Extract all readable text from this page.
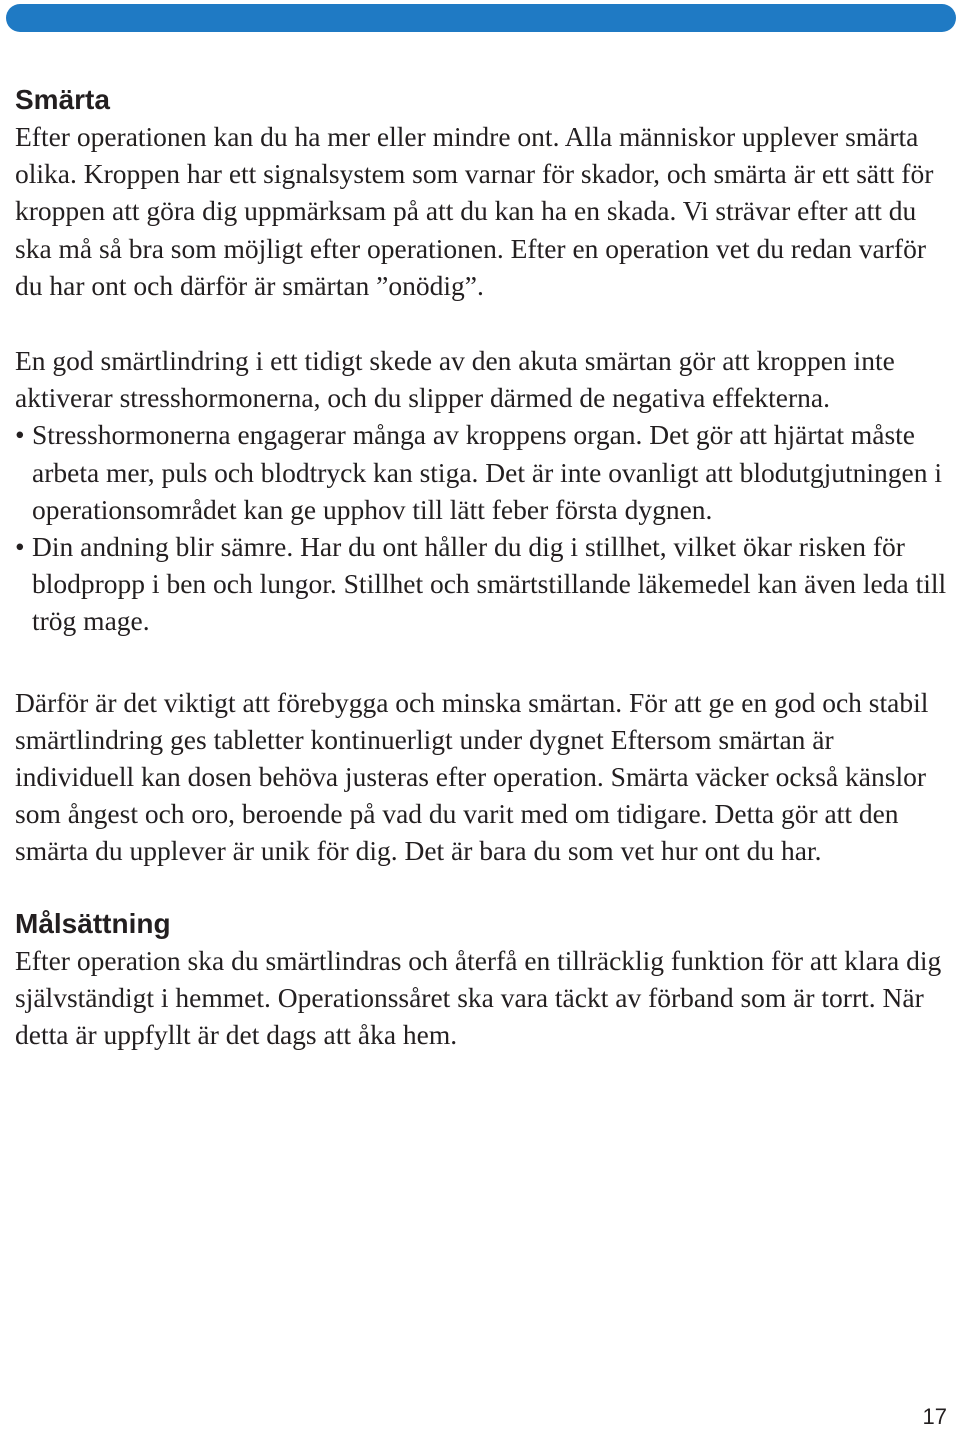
Smärta

Efter operationen kan du ha mer eller mindre ont. Alla människor upplever smärta olika. Kroppen har ett signalsystem som varnar för skador, och smärta är ett sätt för kroppen att göra dig uppmärksam på att du kan ha en skada. Vi strävar efter att du ska må så bra som möjligt efter operationen. Efter en operation vet du redan varför du har ont och därför är smärtan ”onödig”.

En god smärtlindring i ett tidigt skede av den akuta smärtan gör att kroppen inte aktiverar stresshormonerna, och du slipper därmed de negativa effekterna.

• Stresshormonerna engagerar många av kroppens organ. Det gör att hjärtat måste arbeta mer, puls och blodtryck kan stiga. Det är inte ovanligt att blodutgjutningen i operationsområdet kan ge upphov till lätt feber första dygnen.
• Din andning blir sämre. Har du ont håller du dig i stillhet, vilket ökar risken för blodpropp i ben och lungor. Stillhet och smärtstillande läkemedel kan även leda till trög mage.

Därför är det viktigt att förebygga och minska smärtan. För att ge en god och stabil smärtlindring ges tabletter kontinuerligt under dygnet Eftersom smärtan är individuell kan dosen behöva justeras efter operation. Smärta väcker också känslor som ångest och oro, beroende på vad du varit med om tidigare. Detta gör att den smärta du upplever är unik för dig. Det är bara du som vet hur ont du har.

Målsättning

Efter operation ska du smärtlindras och återfå en tillräcklig funktion för att klara dig självständigt i hemmet. Operationssåret ska vara täckt av förband som är torrt. När detta är uppfyllt är det dags att åka hem.

17
